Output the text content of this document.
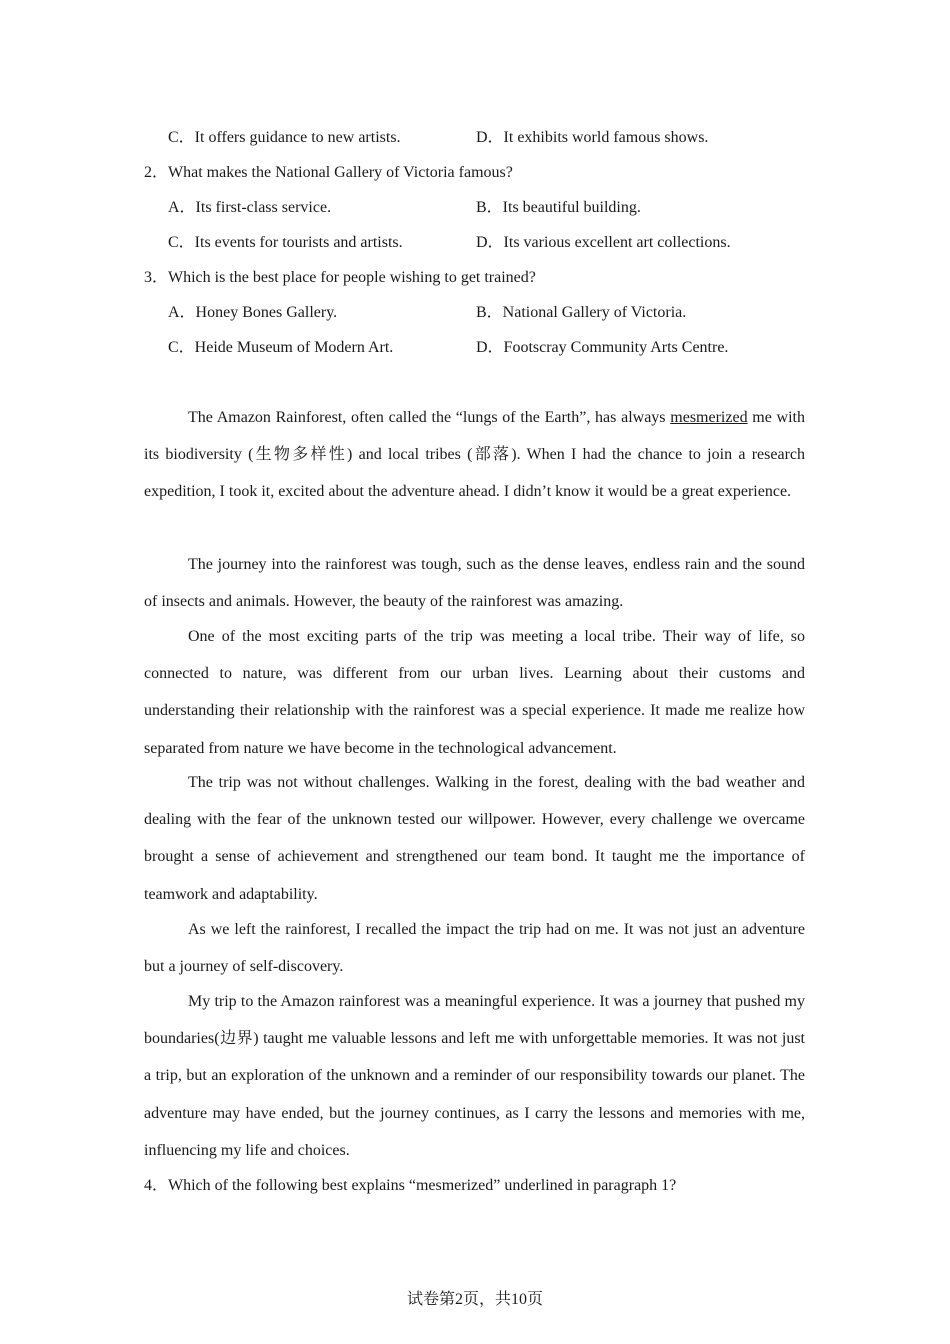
C．It offers guidance to new artists.	D．It exhibits world famous shows.
2．What makes the National Gallery of Victoria famous?
A．Its first-class service.	B．Its beautiful building.
C．Its events for tourists and artists.	D．Its various excellent art collections.
3．Which is the best place for people wishing to get trained?
A．Honey Bones Gallery.	B．National Gallery of Victoria.
C．Heide Museum of Modern Art.	D．Footscray Community Arts Centre.

The Amazon Rainforest, often called the “lungs of the Earth”, has always mesmerized me with its biodiversity (生物多样性) and local tribes (部落). When I had the chance to join a research expedition, I took it, excited about the adventure ahead. I didn’t know it would be a great experience.

The journey into the rainforest was tough, such as the dense leaves, endless rain and the sound of insects and animals. However, the beauty of the rainforest was amazing.

One of the most exciting parts of the trip was meeting a local tribe. Their way of life, so connected to nature, was different from our urban lives. Learning about their customs and understanding their relationship with the rainforest was a special experience. It made me realize how separated from nature we have become in the technological advancement.

The trip was not without challenges. Walking in the forest, dealing with the bad weather and dealing with the fear of the unknown tested our willpower. However, every challenge we overcame brought a sense of achievement and strengthened our team bond. It taught me the importance of teamwork and adaptability.

As we left the rainforest, I recalled the impact the trip had on me. It was not just an adventure but a journey of self-discovery.

My trip to the Amazon rainforest was a meaningful experience. It was a journey that pushed my boundaries(边界) taught me valuable lessons and left me with unforgettable memories. It was not just a trip, but an exploration of the unknown and a reminder of our responsibility towards our planet. The adventure may have ended, but the journey continues, as I carry the lessons and memories with me, influencing my life and choices.

4．Which of the following best explains “mesmerized” underlined in paragraph 1?
试卷第2页，共10页
